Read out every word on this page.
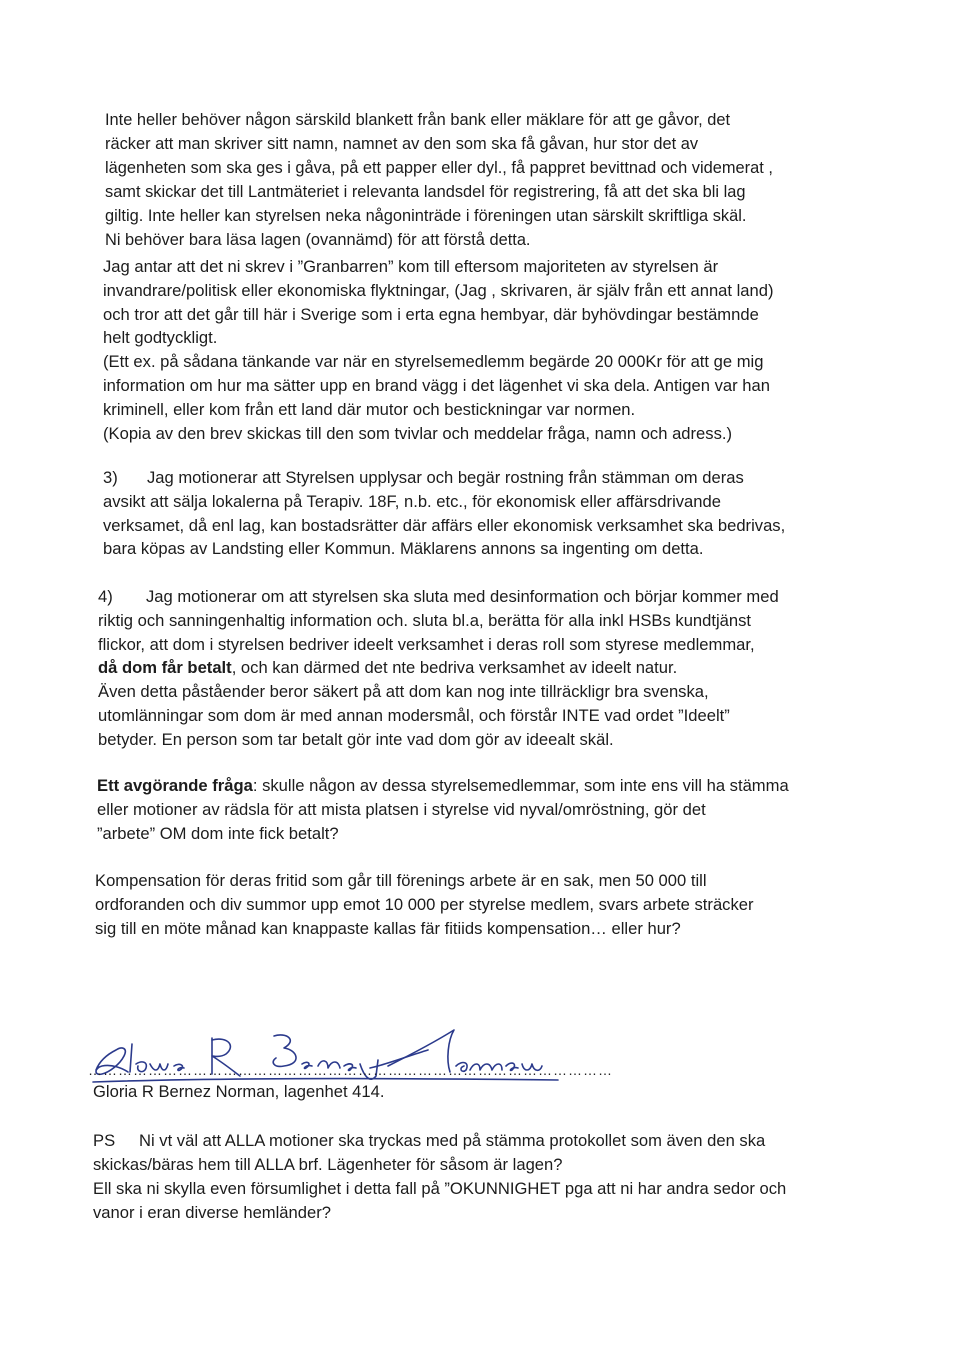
Inte heller behöver någon särskild blankett från bank eller mäklare för att ge gåvor, det
räcker att man skriver sitt namn, namnet av den som ska få gåvan, hur stor det av
lägenheten som ska ges i gåva, på ett papper eller dyl., få pappret bevittnad och videmerat ,
samt skickar det till Lantmäteriet i relevanta landsdel för registrering, få att det ska bli lag
giltig. Inte heller kan styrelsen neka någoninträde i föreningen utan särskilt skriftliga skäl.
Ni behöver bara läsa lagen (ovannämd) för att förstå detta.

Jag antar att det ni skrev i ”Granbarren” kom till eftersom majoriteten av styrelsen är
invandrare/politisk eller ekonomiska flyktningar, (Jag , skrivaren, är själv från ett annat land)
och tror att det går till här i Sverige som i erta egna hembyar, där byhövdingar bestämnde
helt godtyckligt.
(Ett ex. på sådana tänkande var när en styrelsemedlemm begärde 20 000Kr för att ge mig
information om hur ma sätter upp en brand vägg i det lägenhet vi ska dela. Antigen var han
kriminell, eller kom från ett land där mutor och bestickningar var normen.
(Kopia av den brev skickas till den som tvivlar och meddelar fråga, namn och adress.)

3) Jag motionerar att Styrelsen upplysar och begär rostning från stämman om deras
avsikt att sälja lokalerna på Terapiv. 18F, n.b. etc., för ekonomisk eller affärsdrivande
verksamet, då enl lag, kan bostadsrätter där affärs eller ekonomisk verksamhet ska bedrivas,
bara köpas av Landsting eller Kommun. Mäklarens annons sa ingenting om detta.
4) Jag motionerar om att styrelsen ska sluta med desinformation och börjar kommer med
riktig och sanningenhaltig information och. sluta bl.a, berätta för alla inkl HSBs kundtjänst
flickor, att dom i styrelsen bedriver ideelt verksamhet i deras roll som styrese medlemmar,
då dom får betalt, och kan därmed det nte bedriva verksamhet av ideelt natur.
Även detta påståender beror säkert på att dom kan nog inte tillräckligr bra svenska,
utomlänningar som dom är med annan modersmål, och förstår INTE vad ordet ”Ideelt”
betyder. En person som tar betalt gör inte vad dom gör av ideealt skäl.
Ett avgörande fråga: skulle någon av dessa styrelsemedlemmar, som inte ens vill ha stämma
eller motioner av rädsla för att mista platsen i styrelse vid nyval/omröstning, gör det
”arbete” OM dom inte fick betalt?
Kompensation för deras fritid som går till förenings arbete är en sak, men 50 000 till
ordforanden och div summor upp emot 10 000 per styrelse medlem, svars arbete sträcker
sig till en möte månad kan knappaste kallas fär fitiids kompensation… eller hur?
……………………………………………………………………………………………
Gloria R Bernez Norman, lagenhet 414.
PS Ni vt väl att ALLA motioner ska tryckas med på stämma protokollet som även den ska
skickas/bäras hem till ALLA brf. Lägenheter för såsom är lagen?
Ell ska ni skylla even försumlighet i detta fall på ”OKUNNIGHET pga att ni har andra sedor och
vanor i eran diverse hemländer?
